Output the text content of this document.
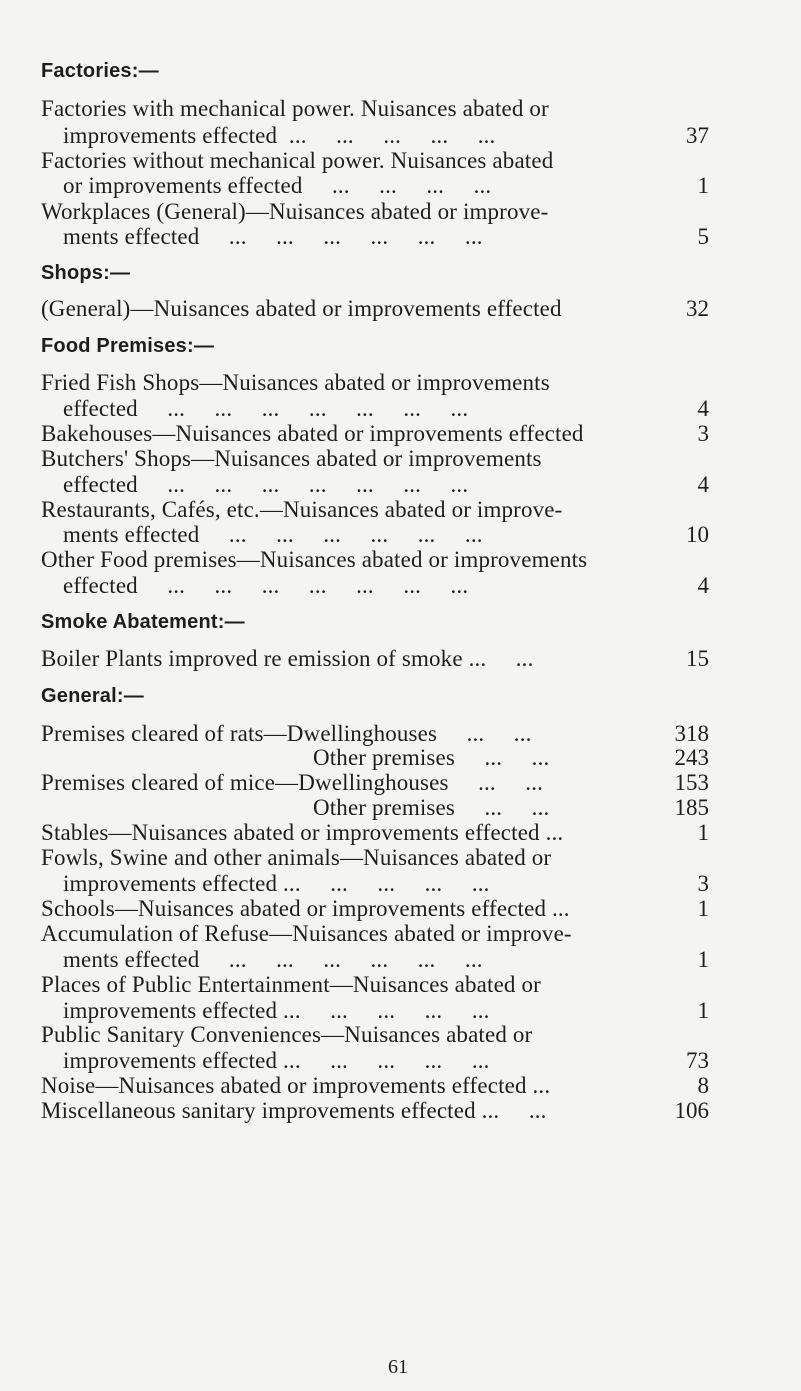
Factories:—
Factories with mechanical power. Nuisances abated or
improvements effected  ...     ...     ...     ...     ...	37
Factories without mechanical power. Nuisances abated
or improvements effected     ...     ...     ...     ...	1
Workplaces (General)—Nuisances abated or improve-
ments effected     ...     ...     ...     ...     ...     ...	5
Shops:—
(General)—Nuisances abated or improvements effected	32
Food Premises:—
Fried Fish Shops—Nuisances abated or improvements
effected     ...     ...     ...     ...     ...     ...     ...	4
Bakehouses—Nuisances abated or improvements effected	3
Butchers' Shops—Nuisances abated or improvements
effected     ...     ...     ...     ...     ...     ...     ...	4
Restaurants, Cafés, etc.—Nuisances abated or improve-
ments effected     ...     ...     ...     ...     ...     ...	10
Other Food premises—Nuisances abated or improvements
effected     ...     ...     ...     ...     ...     ...     ...	4
Smoke Abatement:—
Boiler Plants improved re emission of smoke ...     ...	15
General:—
Premises cleared of rats—Dwellinghouses     ...     ...	318
Other premises     ...     ...	243
Premises cleared of mice—Dwellinghouses     ...     ...	153
Other premises     ...     ...	185
Stables—Nuisances abated or improvements effected ...	1
Fowls, Swine and other animals—Nuisances abated or
improvements effected ...     ...     ...     ...     ...	3
Schools—Nuisances abated or improvements effected ...	1
Accumulation of Refuse—Nuisances abated or improve-
ments effected     ...     ...     ...     ...     ...     ...	1
Places of Public Entertainment—Nuisances abated or
improvements effected ...     ...     ...     ...     ...	1
Public Sanitary Conveniences—Nuisances abated or
improvements effected ...     ...     ...     ...     ...	73
Noise—Nuisances abated or improvements effected ...	8
Miscellaneous sanitary improvements effected ...     ...	106
61
